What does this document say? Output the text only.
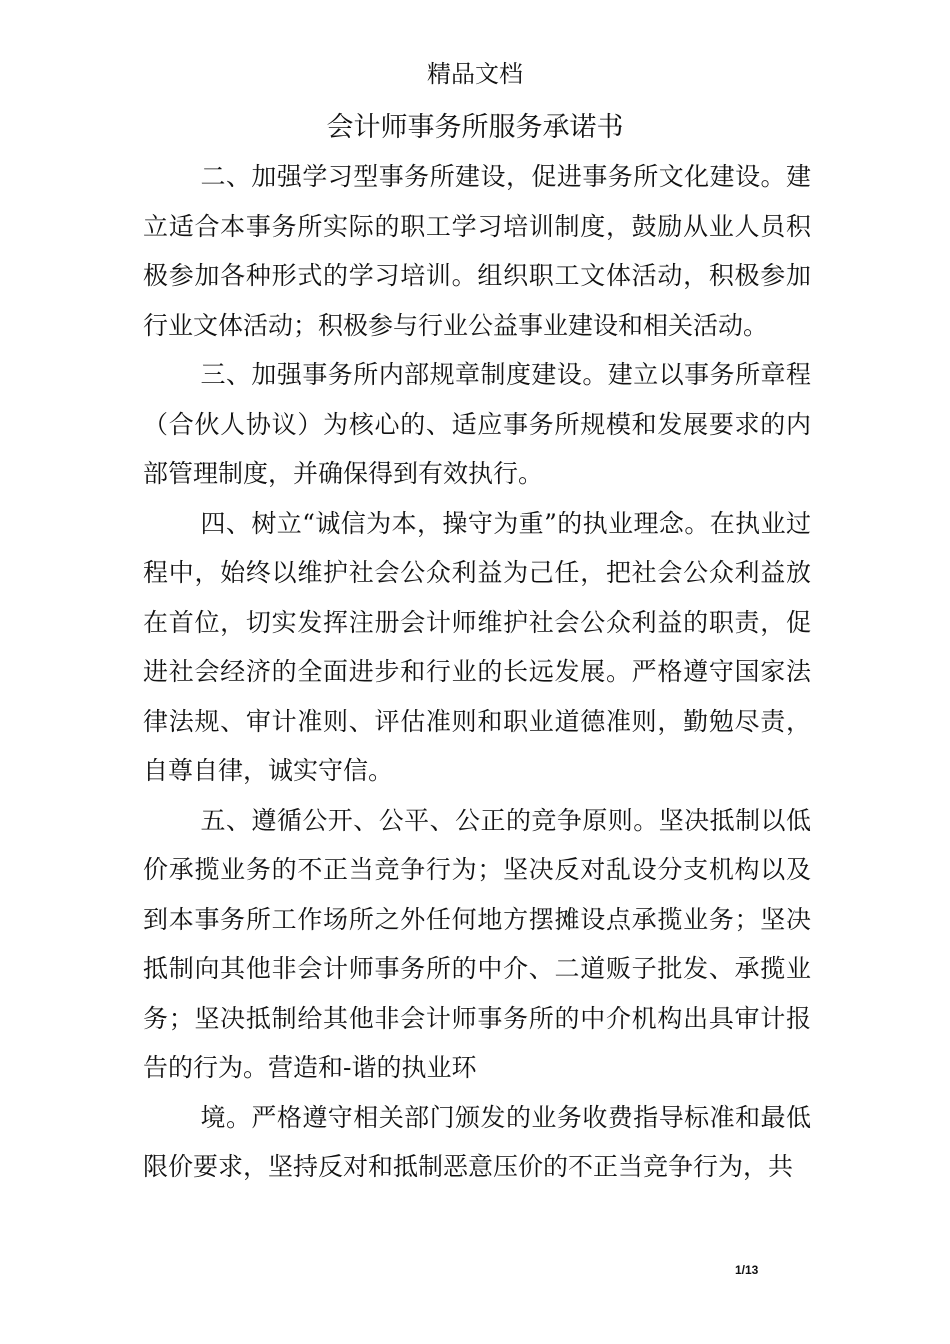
精品文档
会计师事务所服务承诺书

二、加强学习型事务所建设，促进事务所文化建设。建立适合本事务所实际的职工学习培训制度，鼓励从业人员积极参加各种形式的学习培训。组织职工文体活动，积极参加行业文体活动；积极参与行业公益事业建设和相关活动。

三、加强事务所内部规章制度建设。建立以事务所章程（合伙人协议）为核心的、适应事务所规模和发展要求的内部管理制度，并确保得到有效执行。

四、树立“诚信为本，操守为重”的执业理念。在执业过程中，始终以维护社会公众利益为己任，把社会公众利益放在首位，切实发挥注册会计师维护社会公众利益的职责，促进社会经济的全面进步和行业的长远发展。严格遵守国家法律法规、审计准则、评估准则和职业道德准则，勤勉尽责，自尊自律，诚实守信。

五、遵循公开、公平、公正的竞争原则。坚决抵制以低价承揽业务的不正当竞争行为；坚决反对乱设分支机构以及到本事务所工作场所之外任何地方摆摊设点承揽业务；坚决抵制向其他非会计师事务所的中介、二道贩子批发、承揽业务；坚决抵制给其他非会计师事务所的中介机构出具审计报告的行为。营造和-谐的执业环

境。严格遵守相关部门颁发的业务收费指导标准和最低限价要求，坚持反对和抵制恶意压价的不正当竞争行为，共

1/13
